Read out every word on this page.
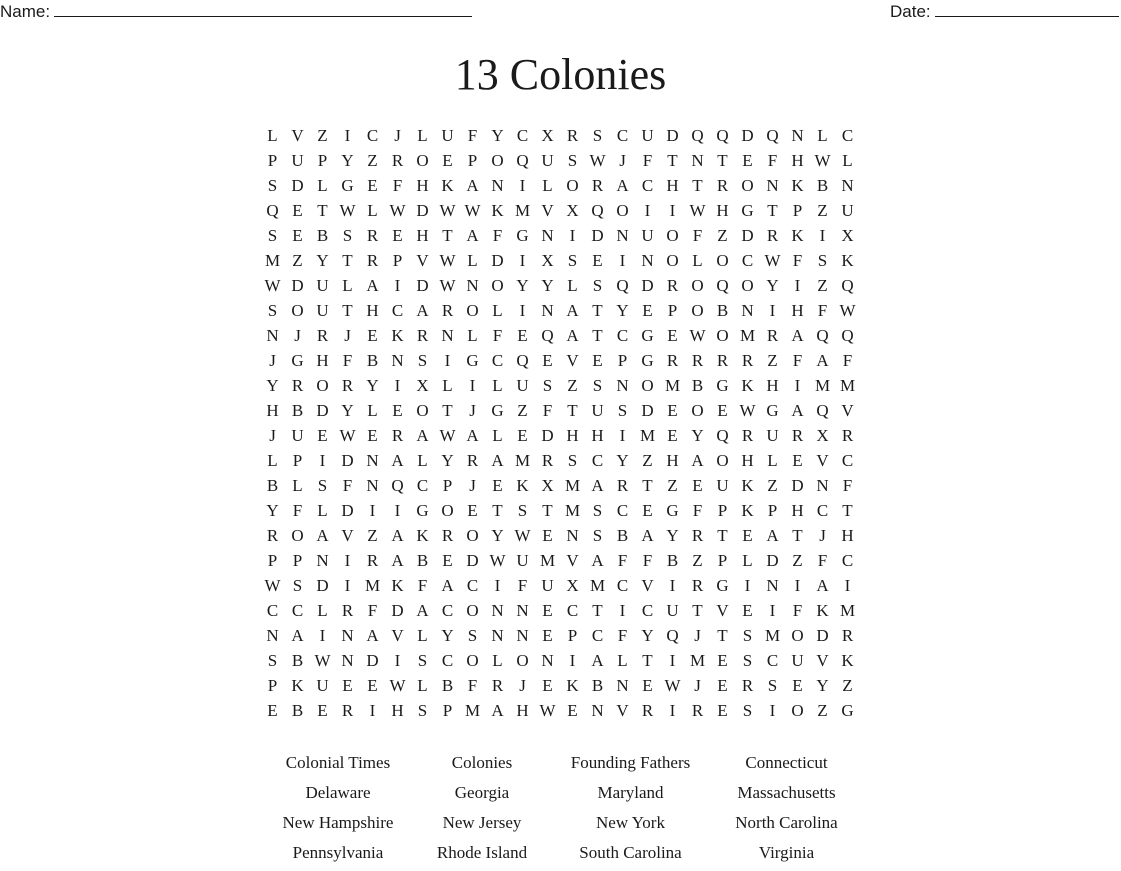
Name:	Date:
13 Colonies
L V Z I C J L U F Y C X R S C U D Q Q D Q N L C
P U P Y Z R O E P O Q U S W J F T N T E F H W L
S D L G E F H K A N I L O R A C H T R O N K B N
Q E T W L W D W W K M V X Q O I I W H G T P Z U
S E B S R E H T A F G N I D N U O F Z D R K I X
M Z Y T R P V W L D I X S E I N O L O C W F S K
W D U L A I D W N O Y Y L S Q D R O Q O Y I Z Q
S O U T H C A R O L I N A T Y E P O B N I H F W
N J R J E K R N L F E Q A T C G E W O M R A Q Q
J G H F B N S I G C Q E V E P G R R R R Z F A F
Y R O R Y I X L I L U S Z S N O M B G K H I M M
H B D Y L E O T J G Z F T U S D E O E W G A Q V
J U E W E R A W A L E D H H I M E Y Q R U R X R
L P I D N A L Y R A M R S C Y Z H A O H L E V C
B L S F N Q C P J E K X M A R T Z E U K Z D N F
Y F L D I I G O E T S T M S C E G F P K P H C T
R O A V Z A K R O Y W E N S B A Y R T E A T J H
P P N I R A B E D W U M V A F F B Z P L D Z F C
W S D I M K F A C I F U X M C V I R G I N I A I
C C L R F D A C O N N E C T I C U T V E I F K M
N A I N A V L Y S N N E P C F Y Q J T S M O D R
S B W N D I S C O L O N I A L T I M E S C U V K
P K U E E W L B F R J E K B N E W J E R S E Y Z
E B E R I H S P M A H W E N V R I R E S I O Z G
Colonial Times	Colonies	Founding Fathers	Connecticut
Delaware	Georgia	Maryland	Massachusetts
New Hampshire	New Jersey	New York	North Carolina
Pennsylvania	Rhode Island	South Carolina	Virginia
